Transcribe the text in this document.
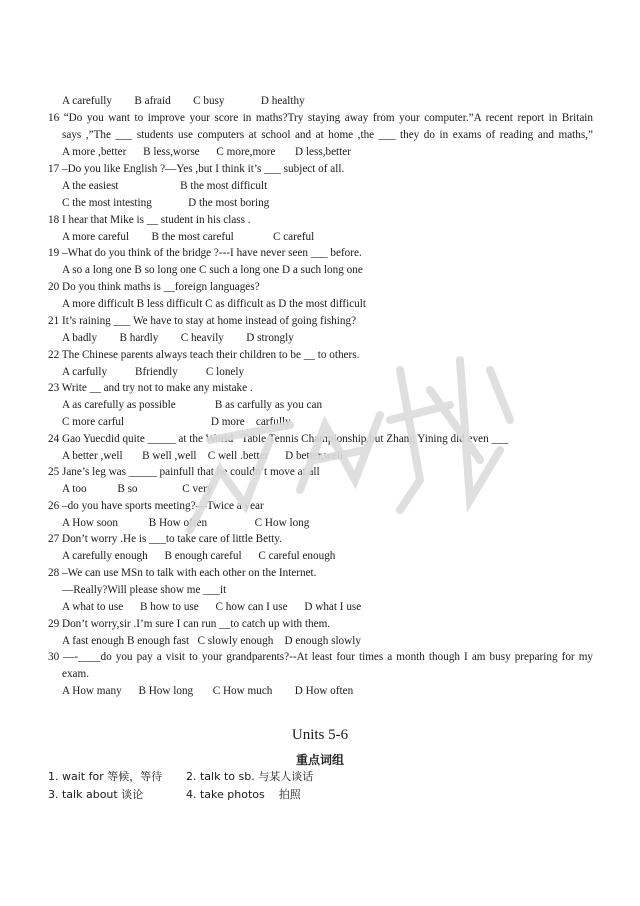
A carefully        B afraid        C busy             D healthy
16 “Do you want to improve your score in maths?Try staying away from your computer.”A recent report in Britain
says ,”The ___ students use computers at school and at home ,the ___ they do in exams of reading and maths,”
A more ,better      B less,worse      C more,more       D less,better
17 –Do you like English ?—Yes ,but I think it’s ___ subject of all.
A the easiest                      B the most difficult
C the most intesting             D the most boring
18 I hear that Mike is __ student in his class .
A more careful        B the most careful              C careful
19 –What do you think of the bridge ?---I have never seen ___ before.
A so a long one B so long one C such a long one D a such long one
20 Do you think maths is __foreign languages?
A more difficult B less difficult C as difficult as D the most difficult
21 It’s raining ___ We have to stay at home instead of going fishing?
A badly        B hardly        C heavily        D strongly
22 The Chinese parents always teach their children to be __ to others.
A carfully          Bfriendly          C lonely
23 Write __ and try not to make any mistake .
A as carefully as possible              B as carfully as you can
C more carful                               D more    carfully
24 Gao Yuecdid quite _____ at the World   Table Tennis Championship,but Zhang Yining did even ___
A better ,well       B well ,well    C well .better      D better,well
25 Jane’s leg was _____ painfull that he couldn’t move at all
A too           B so                C very
26 –do you have sports meeting?—Twice a year
A How soon           B How ofren                 C How long
27 Don’t worry .He is ___to take care of little Betty.
A carefully enough      B enough careful      C careful enough
28 –We can use MSn to talk with each other on the Internet.
—Really?Will please show me ___it
A what to use      B how to use      C how can I use      D what I use
29 Don’t worry,sir .I’m sure I can run __to catch up with them.
A fast enough B enough fast   C slowly enough    D enough slowly
30 —-____do you pay a visit to your grandparents?--At least four times a month though I am busy preparing for my
exam.
A How many      B How long       C How much        D How often
Units 5-6
重点词组
1. wait for 等候，等待 2. talk to sb. 与某人谈话
3. talk about 谈论	4. take photos    拍照
